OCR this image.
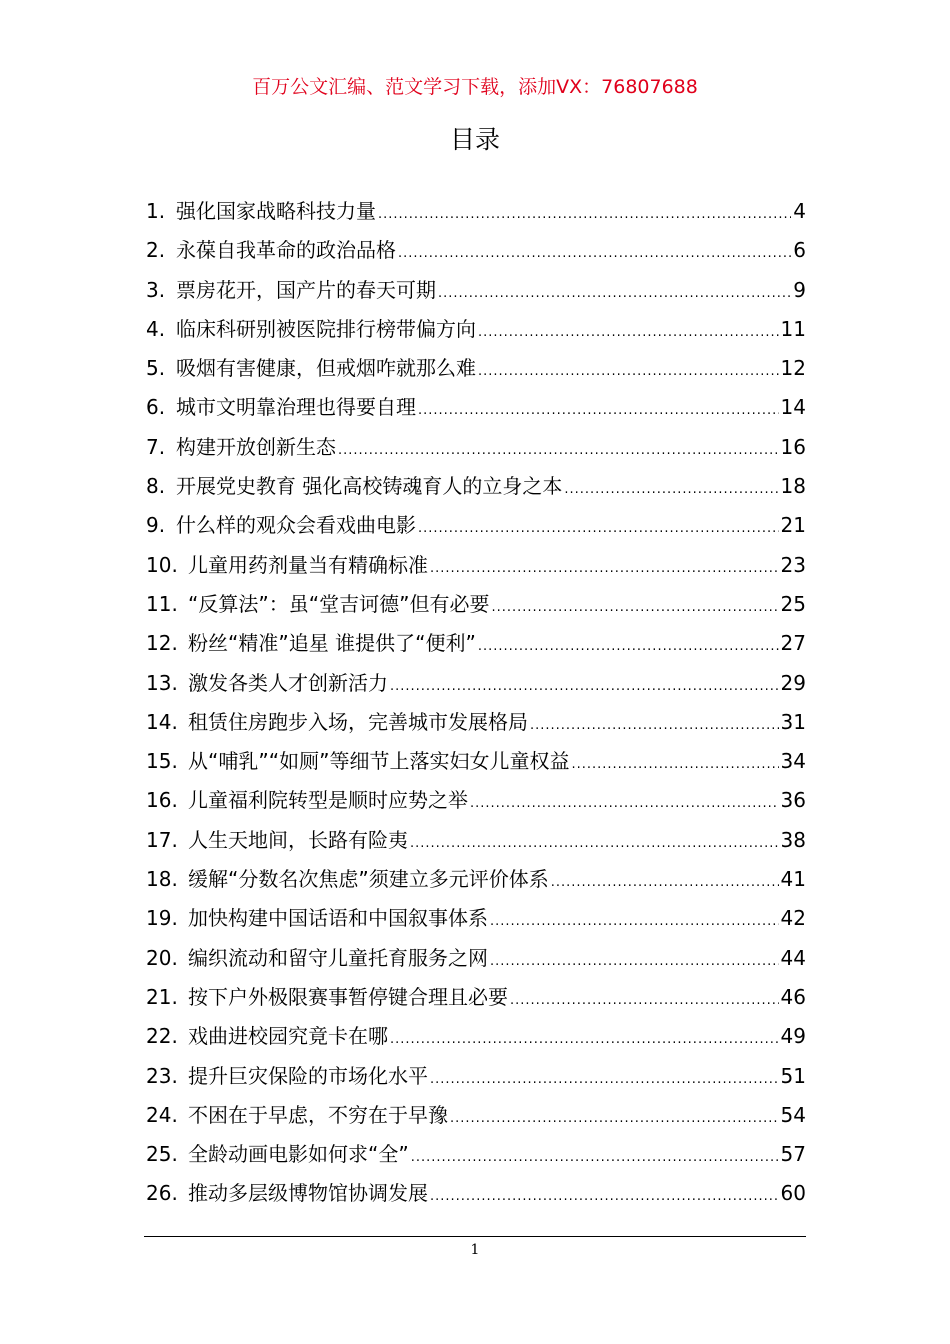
百万公文汇编、范文学习下载，添加VX：76807688
目录
1. 强化国家战略科技力量 .....	4
2. 永葆自我革命的政治品格 .....	6
3. 票房花开，国产片的春天可期 .....	9
4. 临床科研别被医院排行榜带偏方向 .....	11
5. 吸烟有害健康，但戒烟咋就那么难 .....	12
6. 城市文明靠治理也得要自理 .....	14
7. 构建开放创新生态 .....	16
8. 开展党史教育 强化高校铸魂育人的立身之本 .....	18
9. 什么样的观众会看戏曲电影 .....	21
10. 儿童用药剂量当有精确标准 .....	23
11. “反算法”：虽“堂吉诃德”但有必要 .....	25
12. 粉丝“精准”追星 谁提供了“便利” .....	27
13. 激发各类人才创新活力 .....	29
14. 租赁住房跑步入场，完善城市发展格局 .....	31
15. 从“哺乳”“如厕”等细节上落实妇女儿童权益 .....	34
16. 儿童福利院转型是顺时应势之举 .....	36
17. 人生天地间，长路有险夷 .....	38
18. 缓解“分数名次焦虑”须建立多元评价体系 .....	41
19. 加快构建中国话语和中国叙事体系 .....	42
20. 编织流动和留守儿童托育服务之网 .....	44
21. 按下户外极限赛事暂停键合理且必要 .....	46
22. 戏曲进校园究竟卡在哪 .....	49
23. 提升巨灾保险的市场化水平 .....	51
24. 不困在于早虑，不穷在于早豫 .....	54
25. 全龄动画电影如何求“全” .....	57
26. 推动多层级博物馆协调发展 .....	60
1
